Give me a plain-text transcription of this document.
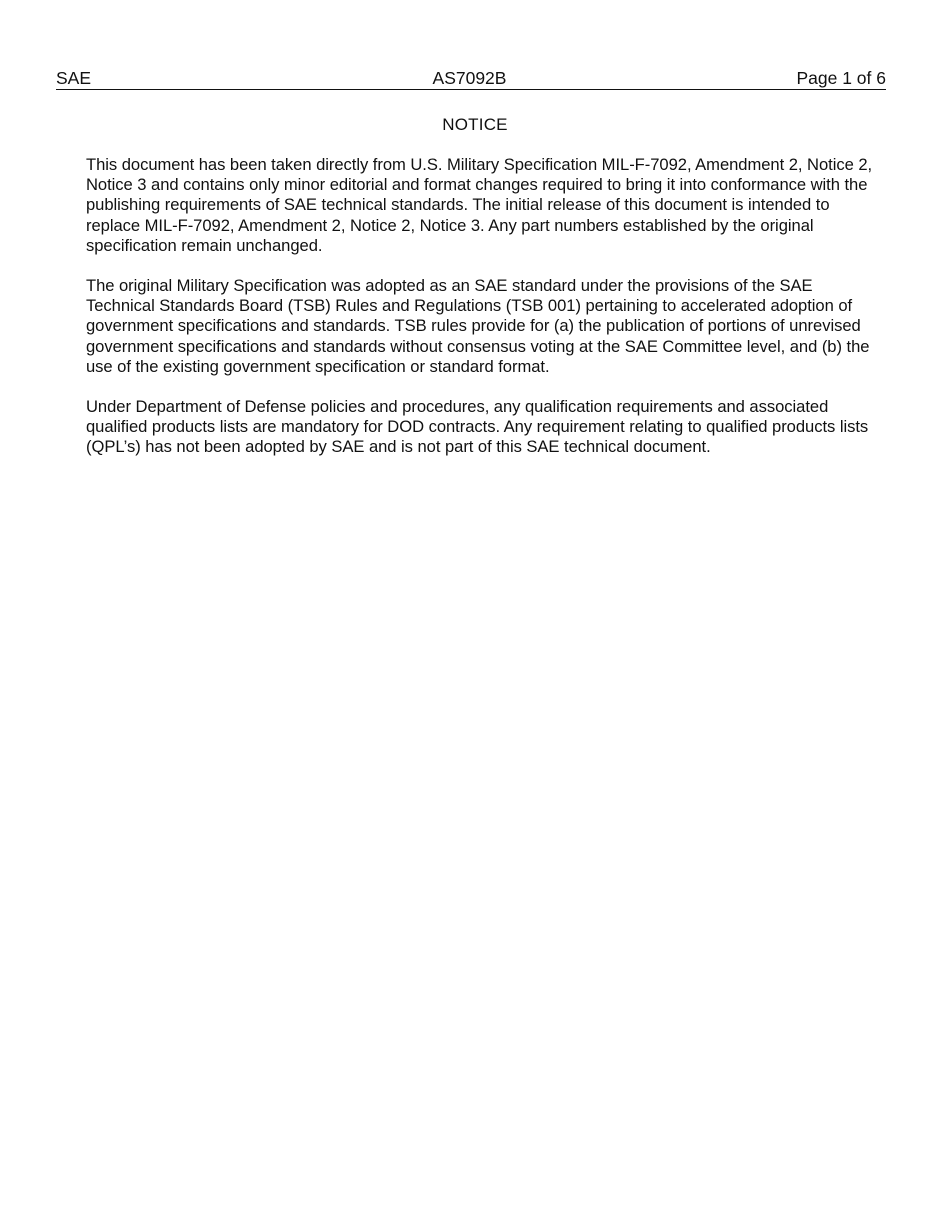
SAE	AS7092B	Page 1 of 6
NOTICE

This document has been taken directly from U.S. Military Specification MIL-F-7092, Amendment 2, Notice 2, Notice 3 and contains only minor editorial and format changes required to bring it into conformance with the publishing requirements of SAE technical standards. The initial release of this document is intended to replace MIL-F-7092, Amendment 2, Notice 2, Notice 3. Any part numbers established by the original specification remain unchanged.

The original Military Specification was adopted as an SAE standard under the provisions of the SAE Technical Standards Board (TSB) Rules and Regulations (TSB 001) pertaining to accelerated adoption of government specifications and standards. TSB rules provide for (a) the publication of portions of unrevised government specifications and standards without consensus voting at the SAE Committee level, and (b) the use of the existing government specification or standard format.

Under Department of Defense policies and procedures, any qualification requirements and associated qualified products lists are mandatory for DOD contracts. Any requirement relating to qualified products lists (QPL’s) has not been adopted by SAE and is not part of this SAE technical document.
